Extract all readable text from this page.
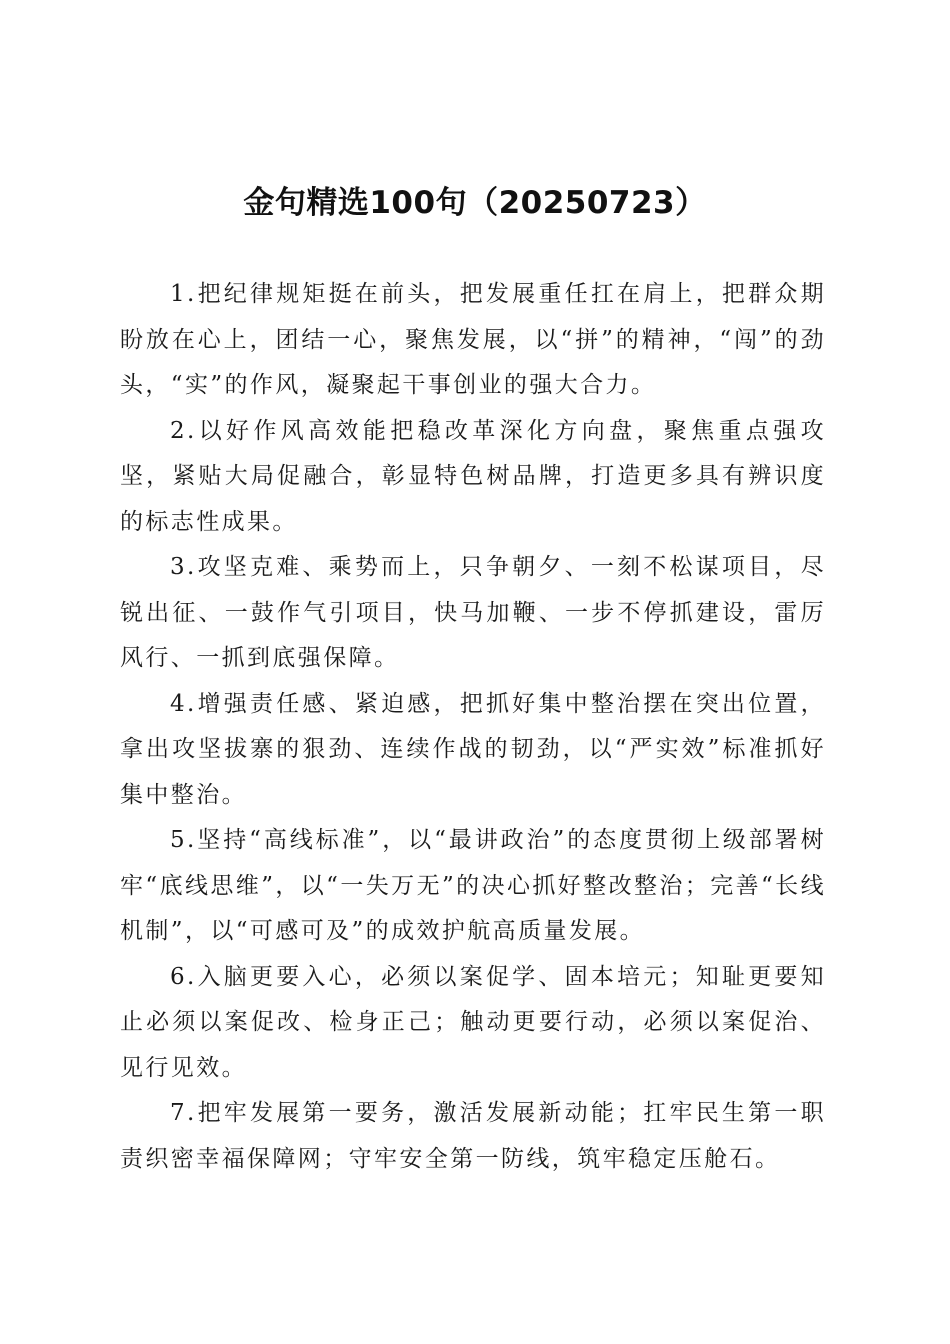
金句精选100句（20250723）

1.把纪律规矩挺在前头，把发展重任扛在肩上，把群众期盼放在心上，团结一心，聚焦发展，以“拼”的精神，“闯”的劲头，“实”的作风，凝聚起干事创业的强大合力。

2.以好作风高效能把稳改革深化方向盘，聚焦重点强攻坚，紧贴大局促融合，彰显特色树品牌，打造更多具有辨识度的标志性成果。

3.攻坚克难、乘势而上，只争朝夕、一刻不松谋项目，尽锐出征、一鼓作气引项目，快马加鞭、一步不停抓建设，雷厉风行、一抓到底强保障。

4.增强责任感、紧迫感，把抓好集中整治摆在突出位置，拿出攻坚拔寨的狠劲、连续作战的韧劲，以“严实效”标准抓好集中整治。

5.坚持“高线标准”，以“最讲政治”的态度贯彻上级部署树牢“底线思维”，以“一失万无”的决心抓好整改整治；完善“长线机制”，以“可感可及”的成效护航高质量发展。

6.入脑更要入心，必须以案促学、固本培元；知耻更要知止必须以案促改、检身正己；触动更要行动，必须以案促治、见行见效。

7.把牢发展第一要务，激活发展新动能；扛牢民生第一职责织密幸福保障网；守牢安全第一防线，筑牢稳定压舱石。
